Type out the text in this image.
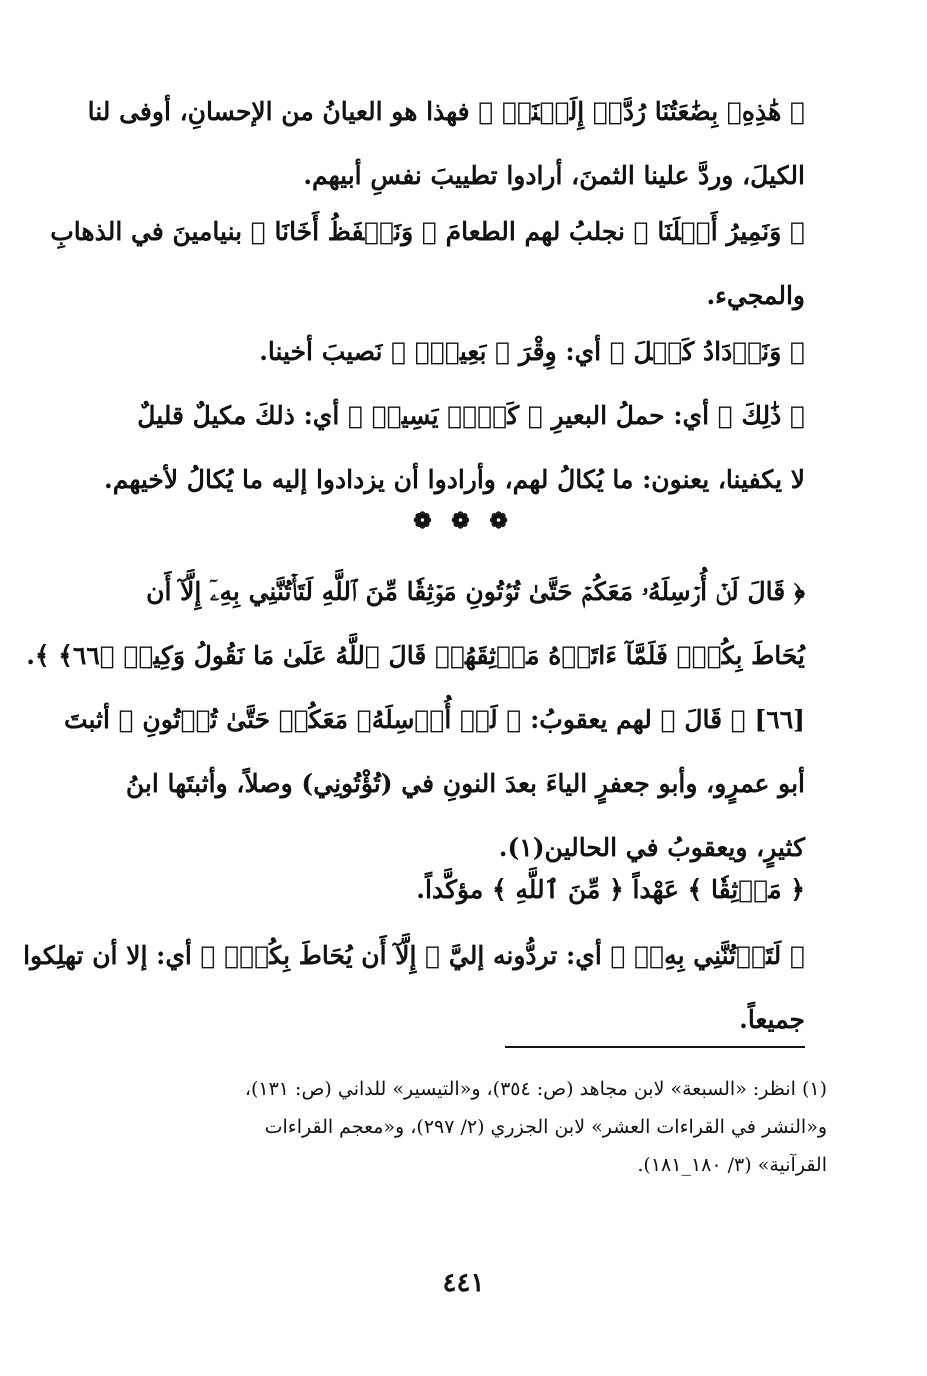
﴿ هَٰذِهِۦ بِضَٰعَتُنَا رُدَّتۡ إِلَيۡنَاۖ ﴾ فهذا هو العيانُ من الإحسانِ، أوفى لنا
الكيلَ، وردَّ علينا الثمنَ، أرادوا تطييبَ نفسِ أبيهم.
﴿ وَنَمِيرُ أَهۡلَنَا ﴾ نجلبُ لهم الطعامَ ﴿ وَنَحۡفَظُ أَخَانَا ﴾ بنيامينَ في الذهابِ
والمجيء.
﴿ وَنَزۡدَادُ كَيۡلَ ﴾ أي: وِقْرَ ﴿ بَعِيرٖۖ ﴾ نَصيبَ أخينا.
﴿ ذَٰلِكَ ﴾ أي: حملُ البعيرِ ﴿ كَيۡلٞ يَسِيرٞ ﴾ أي: ذلكَ مكيلٌ قليلٌ
لا يكفينا، يعنون: ما يُكالُ لهم، وأرادوا أن يزدادوا إليه ما يُكالُ لأخيهم.
❁ ❁ ❁
﴿ قَالَ لَنۡ أُرۡسِلَهُۥ مَعَكُمۡ حَتَّىٰ تُؤۡتُونِ مَوۡثِقٗا مِّنَ ٱللَّهِ لَتَأۡتُنَّنِي بِهِۦٓ إِلَّآ أَن
يُحَاطَ بِكُمۡۖ فَلَمَّآ ءَاتَوۡهُ مَوۡثِقَهُمۡ قَالَ ٱللَّهُ عَلَىٰ مَا نَقُولُ وَكِيلٞ ﴿٦٦﴾ ﴾.
[٦٦] ﴿ قَالَ ﴾ لهم يعقوبُ: ﴿ لَنۡ أُرۡسِلَهُۥ مَعَكُمۡ حَتَّىٰ تُؤۡتُونِ ﴾ أثبتَ
أبو عمرٍو، وأبو جعفرٍ الياءَ بعدَ النونِ في (تُؤْتُونِي) وصلاً، وأثبتَها ابنُ
كثيرٍ، ويعقوبُ في الحالين(١).
﴿ مَوۡثِقٗا ﴾ عَهْداً ﴿ مِّنَ ٱللَّهِ ﴾ مؤكَّداً.
﴿ لَتَأۡتُنَّنِي بِهِۦٓ ﴾ أي: تردُّونه إليَّ ﴿ إِلَّآ أَن يُحَاطَ بِكُمۡۖ ﴾ أي: إلا أن تهلِكوا
جميعاً.
(١) انظر: «السبعة» لابن مجاهد (ص: ٣٥٤)، و«التيسير» للداني (ص: ١٣١)،
و«النشر في القراءات العشر» لابن الجزري (٢/ ٢٩٧)، و«معجم القراءات
القرآنية» (٣/ ١٨٠_١٨١).
٤٤١
